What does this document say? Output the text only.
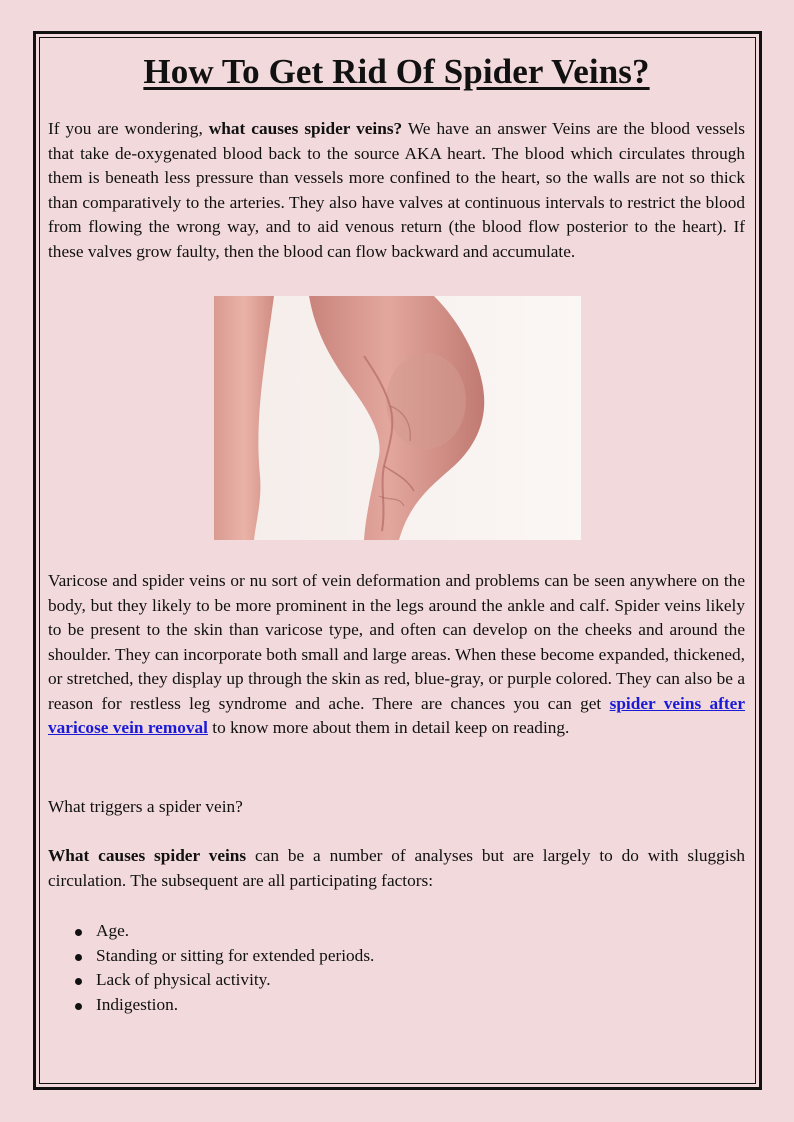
How To Get Rid Of Spider Veins?

If you are wondering, what causes spider veins? We have an answer Veins are the blood vessels that take de-oxygenated blood back to the source AKA heart. The blood which circulates through them is beneath less pressure than vessels more confined to the heart, so the walls are not so thick than comparatively to the arteries. They also have valves at continuous intervals to restrict the blood from flowing the wrong way, and to aid venous return (the blood flow posterior to the heart). If these valves grow faulty, then the blood can flow backward and accumulate.

Varicose and spider veins or nu sort of vein deformation and problems can be seen anywhere on the body, but they likely to be more prominent in the legs around the ankle and calf. Spider veins likely to be present to the skin than varicose type, and often can develop on the cheeks and around the shoulder. They can incorporate both small and large areas. When these become expanded, thickened, or stretched, they display up through the skin as red, blue-gray, or purple colored. They can also be a reason for restless leg syndrome and ache. There are chances you can get spider veins after varicose vein removal to know more about them in detail keep on reading.

What triggers a spider vein?

What causes spider veins can be a number of analyses but are largely to do with sluggish circulation. The subsequent are all participating factors:

Age.
Standing or sitting for extended periods.
Lack of physical activity.
Indigestion.
